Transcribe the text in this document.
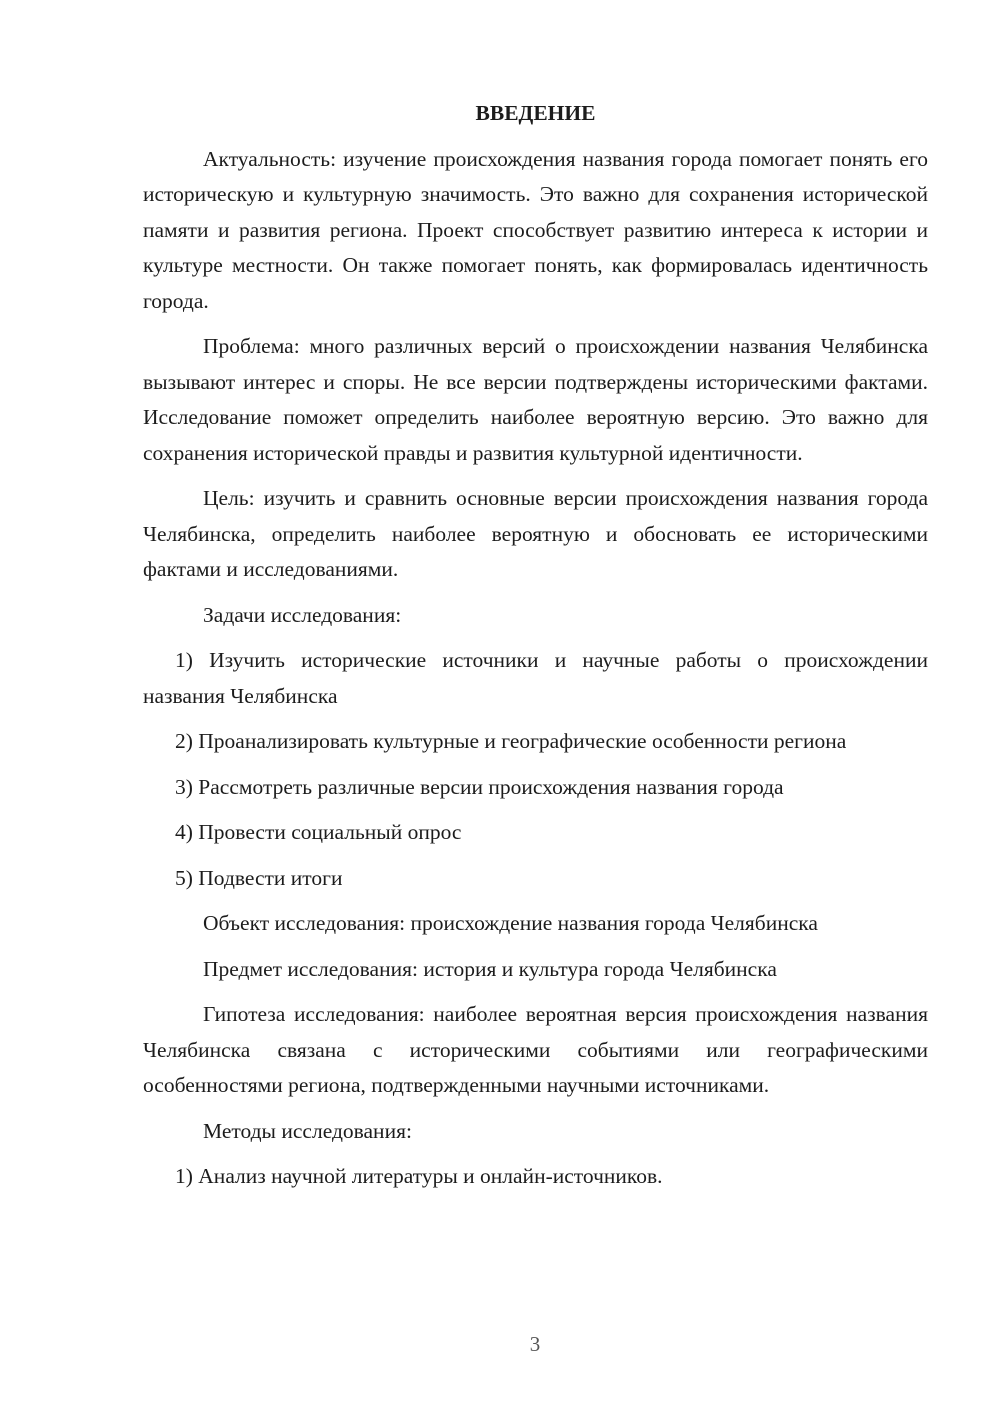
ВВЕДЕНИЕ
Актуальность: изучение происхождения названия города помогает понять его историческую и культурную значимость. Это важно для сохранения исторической памяти и развития региона. Проект способствует развитию интереса к истории и культуре местности. Он также помогает понять, как формировалась идентичность города.
Проблема: много различных версий о происхождении названия Челябинска вызывают интерес и споры. Не все версии подтверждены историческими фактами. Исследование поможет определить наиболее вероятную версию. Это важно для сохранения исторической правды и развития культурной идентичности.
Цель: изучить и сравнить основные версии происхождения названия города Челябинска, определить наиболее вероятную и обосновать ее историческими фактами и исследованиями.
Задачи исследования:
1) Изучить исторические источники и научные работы о происхождении названия Челябинска
2) Проанализировать культурные и географические особенности региона
3) Рассмотреть различные версии происхождения названия города
4) Провести социальный опрос
5) Подвести итоги
Объект исследования: происхождение названия города Челябинска
Предмет исследования: история и культура города Челябинска
Гипотеза исследования: наиболее вероятная версия происхождения названия Челябинска связана с историческими событиями или географическими особенностями региона, подтвержденными научными источниками.
Методы исследования:
1) Анализ научной литературы и онлайн-источников.
3
